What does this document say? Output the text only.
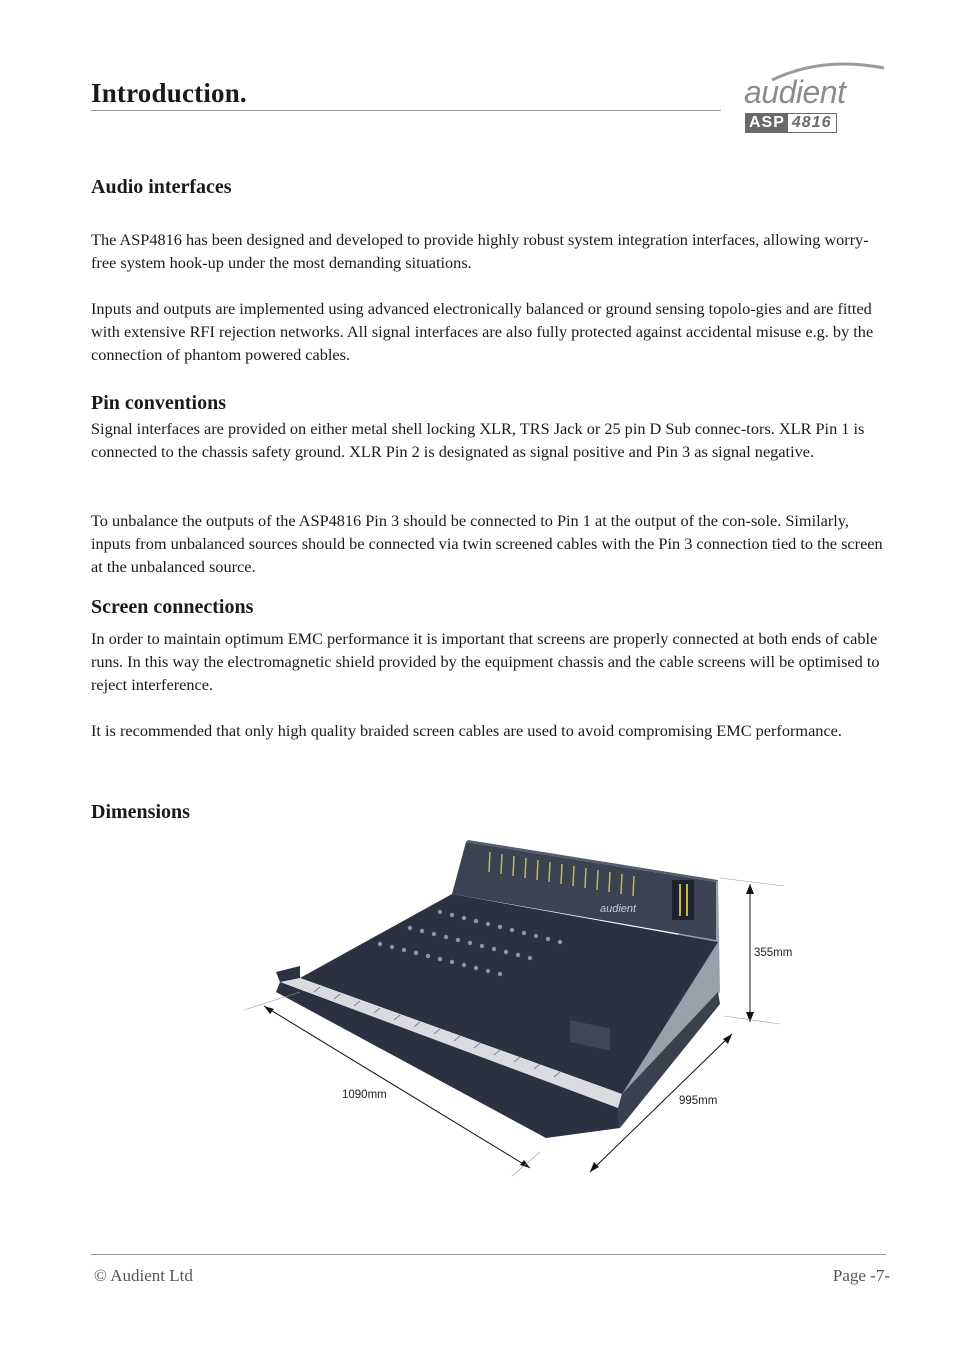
Introduction.	audient
ASP 4816
Audio interfaces

The ASP4816 has been designed and developed to provide highly robust system integration interfaces, allowing worry-free system hook-up under the most demanding situations.

Inputs and outputs are implemented using advanced electronically balanced or ground sensing topolo-gies and are fitted with extensive RFI rejection networks. All signal interfaces are also fully protected against accidental misuse e.g. by the connection of phantom powered cables.

Pin conventions

Signal interfaces are provided on either metal shell locking XLR, TRS Jack or 25 pin D Sub connec-tors. XLR Pin 1 is connected to the chassis safety ground. XLR Pin 2 is designated as signal positive and Pin 3 as signal negative.

To unbalance the outputs of the ASP4816 Pin 3 should be connected to Pin 1 at the output of the con-sole. Similarly, inputs from unbalanced sources should be connected via twin screened cables with the Pin 3 connection tied to the screen at the unbalanced source.

Screen connections

In order to maintain optimum EMC performance it is important that screens are properly connected at both ends of cable runs. In this way the electromagnetic shield provided by the equipment chassis and the cable screens will be optimised to reject interference.

It is recommended that only high quality braided screen cables are used to avoid compromising EMC performance.

Dimensions
audient
1090mm	995mm
355mm
© Audient Ltd	Page -7-
